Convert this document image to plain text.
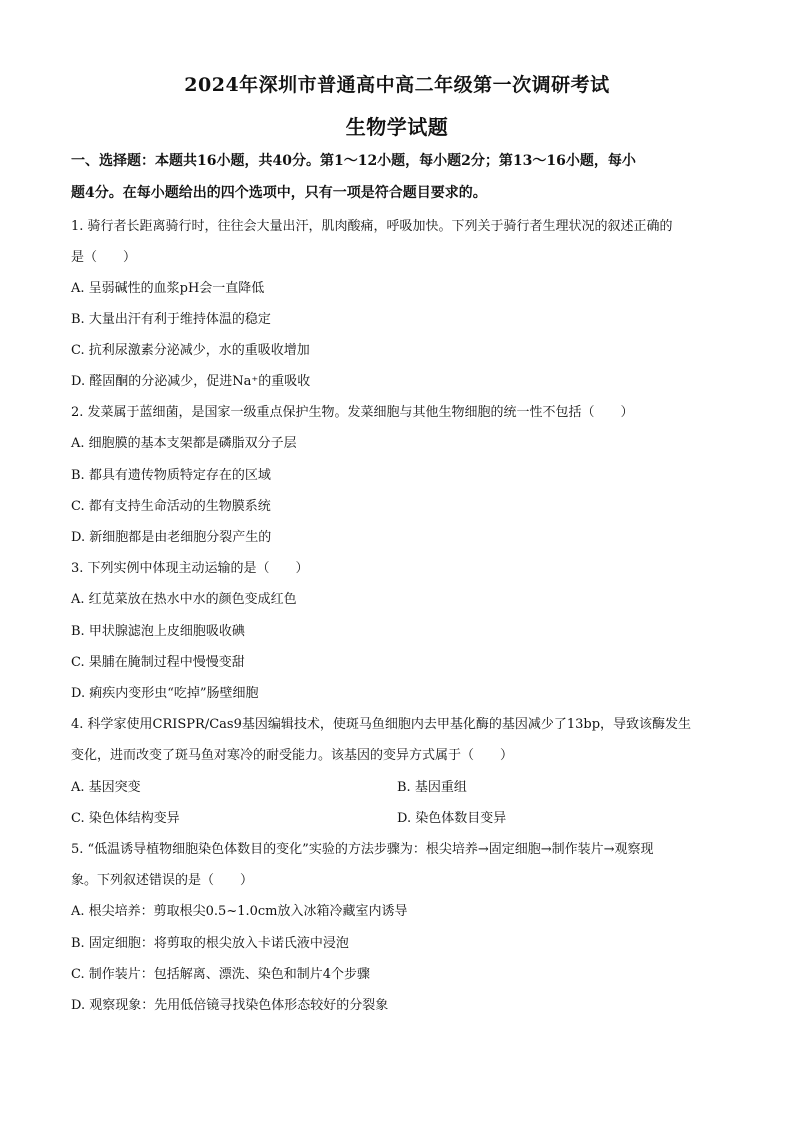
2024年深圳市普通高中高二年级第一次调研考试
生物学试题
一、选择题：本题共16小题，共40分。第1～12小题，每小题2分；第13～16小题，每小
题4分。在每小题给出的四个选项中，只有一项是符合题目要求的。
1. 骑行者长距离骑行时，往往会大量出汗，肌肉酸痛，呼吸加快。下列关于骑行者生理状况的叙述正确的
是（　　）
A. 呈弱碱性的血浆pH会一直降低
B. 大量出汗有利于维持体温的稳定
C. 抗利尿激素分泌减少，水的重吸收增加
D. 醛固酮的分泌减少，促进Na⁺的重吸收
2. 发菜属于蓝细菌，是国家一级重点保护生物。发菜细胞与其他生物细胞的统一性不包括（　　）
A. 细胞膜的基本支架都是磷脂双分子层
B. 都具有遗传物质特定存在的区域
C. 都有支持生命活动的生物膜系统
D. 新细胞都是由老细胞分裂产生的
3. 下列实例中体现主动运输的是（　　）
A. 红苋菜放在热水中水的颜色变成红色
B. 甲状腺滤泡上皮细胞吸收碘
C. 果脯在腌制过程中慢慢变甜
D. 痢疾内变形虫“吃掉”肠壁细胞
4. 科学家使用CRISPR/Cas9基因编辑技术，使斑马鱼细胞内去甲基化酶的基因减少了13bp，导致该酶发生
变化，进而改变了斑马鱼对寒冷的耐受能力。该基因的变异方式属于（　　）
A. 基因突变	B. 基因重组
C. 染色体结构变异	D. 染色体数目变异
5. “低温诱导植物细胞染色体数目的变化”实验的方法步骤为：根尖培养→固定细胞→制作装片→观察现
象。下列叙述错误的是（　　）
A. 根尖培养：剪取根尖0.5~1.0cm放入冰箱冷藏室内诱导
B. 固定细胞：将剪取的根尖放入卡诺氏液中浸泡
C. 制作装片：包括解离、漂洗、染色和制片4个步骤
D. 观察现象：先用低倍镜寻找染色体形态较好的分裂象
